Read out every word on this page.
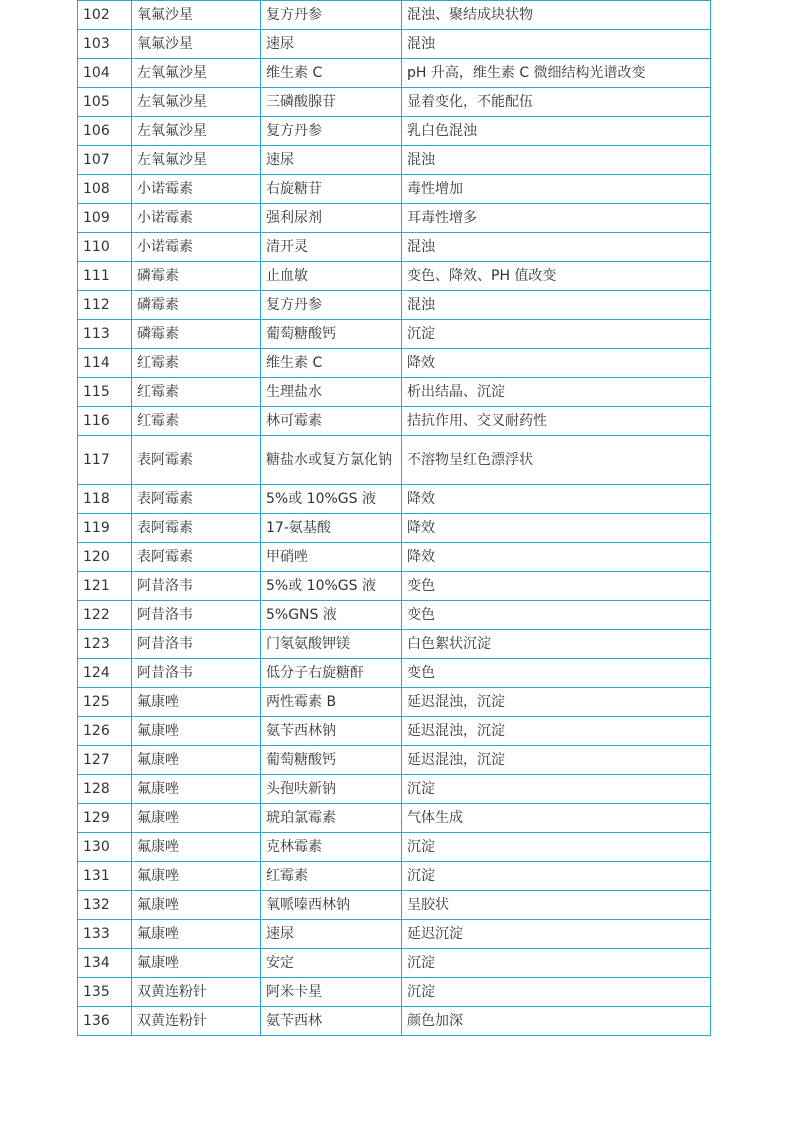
102	氧氟沙星	复方丹参	混浊、聚结成块状物
103	氧氟沙星	速尿	混浊
104	左氧氟沙星	维生素 C	pH 升高，维生素 C 微细结构光谱改变
105	左氧氟沙星	三磷酸腺苷	显着变化，不能配伍
106	左氧氟沙星	复方丹参	乳白色混浊
107	左氧氟沙星	速尿	混浊
108	小诺霉素	右旋糖苷	毒性增加
109	小诺霉素	强利尿剂	耳毒性增多
110	小诺霉素	清开灵	混浊
111	磷霉素	止血敏	变色、降效、PH 值改变
112	磷霉素	复方丹参	混浊
113	磷霉素	葡萄糖酸钙	沉淀
114	红霉素	维生素 C	降效
115	红霉素	生理盐水	析出结晶、沉淀
116	红霉素	林可霉素	拮抗作用、交叉耐药性
117	表阿霉素	糖盐水或复方氯化钠	不溶物呈红色漂浮状
118	表阿霉素	5%或 10%GS 液	降效
119	表阿霉素	17-氨基酸	降效
120	表阿霉素	甲硝唑	降效
121	阿昔洛韦	5%或 10%GS 液	变色
122	阿昔洛韦	5%GNS 液	变色
123	阿昔洛韦	门氡氨酸钾镁	白色絮状沉淀
124	阿昔洛韦	低分子右旋糖酐	变色
125	氟康唑	两性霉素 B	延迟混浊，沉淀
126	氟康唑	氨苄西林钠	延迟混浊，沉淀
127	氟康唑	葡萄糖酸钙	延迟混浊，沉淀
128	氟康唑	头孢呋新钠	沉淀
129	氟康唑	琥珀氯霉素	气体生成
130	氟康唑	克林霉素	沉淀
131	氟康唑	红霉素	沉淀
132	氟康唑	氧哌嗪西林钠	呈胶状
133	氟康唑	速尿	延迟沉淀
134	氟康唑	安定	沉淀
135	双黄连粉针	阿米卡星	沉淀
136	双黄连粉针	氨苄西林	颜色加深
